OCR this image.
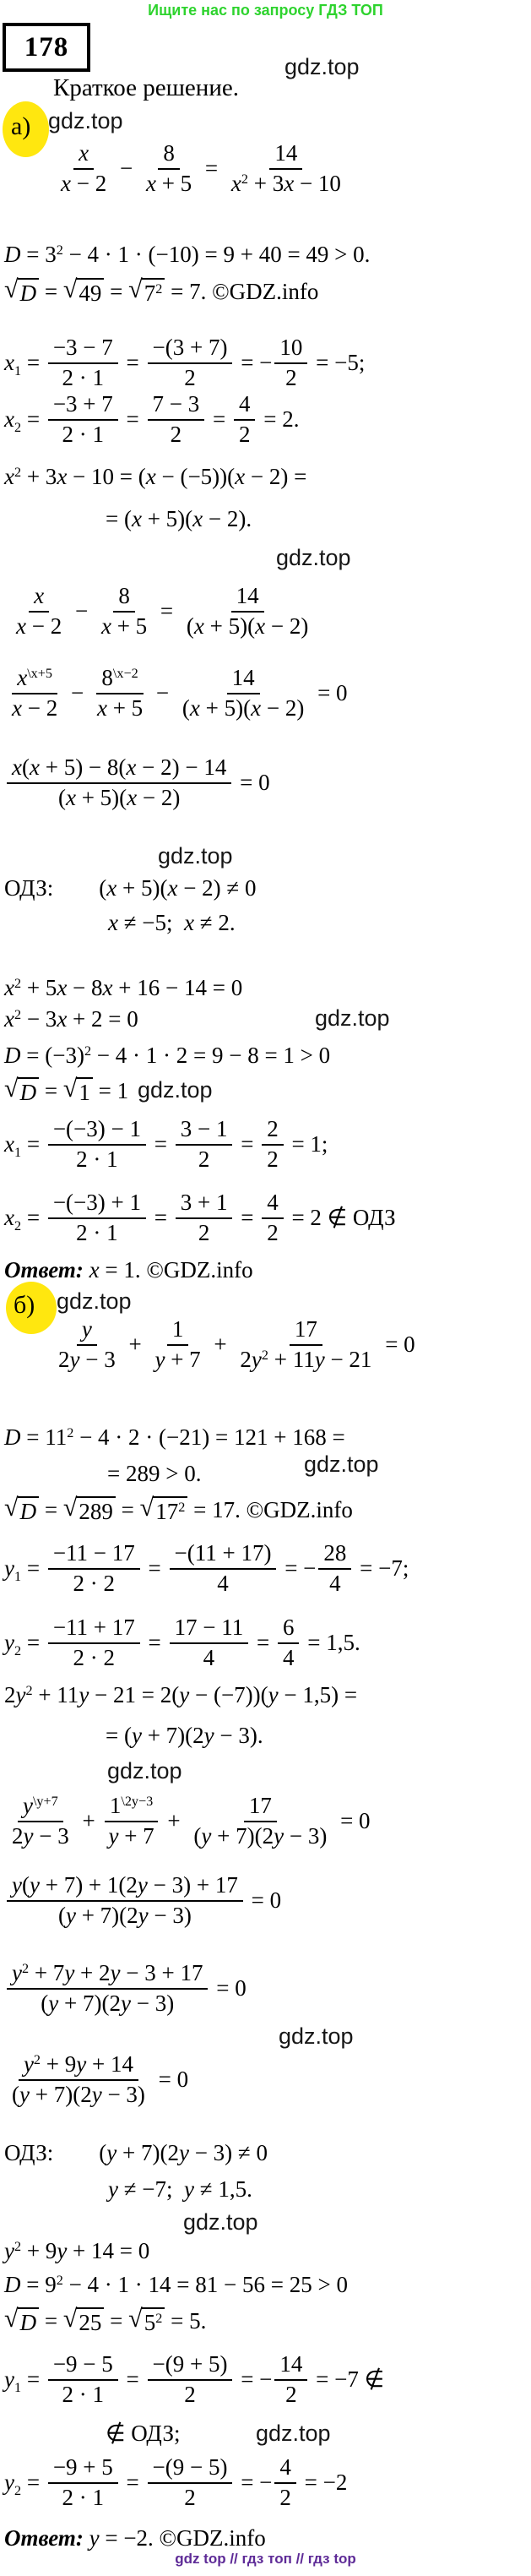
Ищите нас по запросу ГДЗ ТОП
178
Краткое решение.
а)
б)
$\frac{x}{x - 2} - \frac{8}{x + 5} = \frac{14}{x^2 + 3x - 10}$
$D = 3^2 - 4 \cdot 1 \cdot (-10) = 9 + 40 = 49 > 0$.
√ D = √ 49 = √ $7^2 = 7$. ©GDZ.info
$x_1 = \frac{-3 - 7}{2 \cdot 1} = \frac{-(3 + 7)}{2}$ = − $\frac{10}{2} = -5$;
$x_2 = \frac{-3 + 7}{2 \cdot 1} = \frac{7 - 3}{2} = \frac{4}{2} = 2$.
$x^2 + 3x - 10 = (x - (-5))(x - 2)$ =
= (x + 5)(x − 2).
$\frac{x}{x - 2} - \frac{8}{x + 5} = \frac{14}{(x + 5)(x - 2)}$
$\frac{x^{\backslash x+5}}{x - 2} - \frac{8^{\backslash x-2}}{x + 5} - \frac{14}{(x + 5)(x - 2)} = 0$
$\frac{x(x + 5) - 8(x - 2) - 14}{(x + 5)(x - 2)} = 0$
ОДЗ:  (x + 5)(x − 2) ≠ 0
x ≠ −5;  x ≠ 2.
$x^2 + 5x - 8x + 16 - 14 = 0$
$x^2 - 3x + 2 = 0$
$D = (-3)^2 - 4 \cdot 1 \cdot 2 = 9 - 8 = 1 > 0$
√ D = √ 1 = 1
$x_1 = \frac{-(-3) - 1}{2 \cdot 1} = \frac{3 - 1}{2} = \frac{2}{2} = 1$;
$x_2 = \frac{-(-3) + 1}{2 \cdot 1} = \frac{3 + 1}{2} = \frac{4}{2} = 2$ ∉ ОДЗ
Ответ: x = 1. ©GDZ.info
$\frac{y}{2y - 3} + \frac{1}{y + 7} + \frac{17}{2y^2 + 11y - 21} = 0$
$D = 11^2 - 4 \cdot 2 \cdot (-21) = 121 + 168$ =
= 289 > 0.
√ D = √ 289 = √ $17^2 = 17$. ©GDZ.info
$y_1 = \frac{-11 - 17}{2 \cdot 2} = \frac{-(11 + 17)}{4}$ = − $\frac{28}{4} = -7$;
$y_2 = \frac{-11 + 17}{2 \cdot 2} = \frac{17 - 11}{4} = \frac{6}{4} = 1,5$.
$2y^2 + 11y - 21 = 2(y - (-7))(y - 1,5)$ =
= (y + 7)(2y − 3).
$\frac{y^{\backslash y+7}}{2y - 3} + \frac{1^{\backslash 2y-3}}{y + 7} + \frac{17}{(y + 7)(2y - 3)} = 0$
$\frac{y(y + 7) + 1(2y - 3) + 17}{(y + 7)(2y - 3)} = 0$
$\frac{y^2 + 7y + 2y - 3 + 17}{(y + 7)(2y - 3)} = 0$
$\frac{y^2 + 9y + 14}{(y + 7)(2y - 3)} = 0$
ОДЗ:  (y + 7)(2y − 3) ≠ 0
y ≠ −7;  y ≠ 1,5.
$y^2 + 9y + 14 = 0$
$D = 9^2 - 4 \cdot 1 \cdot 14 = 81 - 56 = 25 > 0$
√ D = √ 25 = √ $5^2 = 5$.
$y_1 = \frac{-9 - 5}{2 \cdot 1} = \frac{-(9 + 5)}{2}$ = − $\frac{14}{2} = -7$ ∉
∉ ОДЗ;
$y_2 = \frac{-9 + 5}{2 \cdot 1} = \frac{-(9 - 5)}{2}$ = − $\frac{4}{2} = -2$
Ответ: y = −2. ©GDZ.info
gdz.top
gdz.top
gdz.top
gdz.top
gdz.top
gdz.top
gdz.top
gdz.top
gdz.top
gdz.top
gdz.top
gdz.top
gdz top // гдз топ // гдз top
